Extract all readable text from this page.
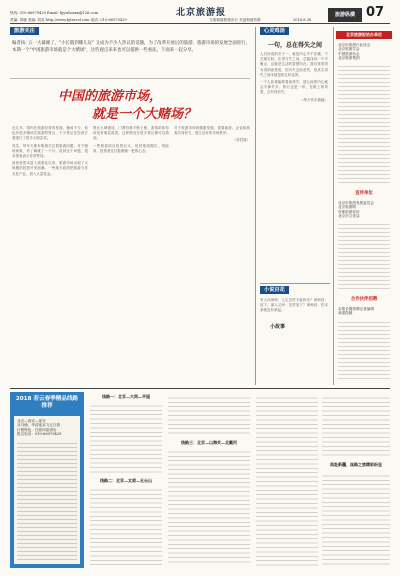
北京旅游报
文明和谐旅游出行 共创和谐首都
热线: 010-66979429 Email: bjywhozxx@126.com
责编: 刘晓 美编: 刘英 http://www.bjtravel.com 电话: 010-66979429	2018.8.28
旅游纵横 07
旅游关注
编者按: 五一大幕刚了，"小长假到哪儿玩" 又成为不少人热议的话题，为了改革开放后的旅游，旅游市场的发展全面进行，本期一个"中国旅游市场就是个大赌场"，这些观点来来也可以提供一些看法，下面来一起分享。
中国的旅游市场，
就是一个大赌场？

近几年，国内在旅游经营的发展，赌场不少，但也有很多赌场式旅游的特点，不少景区在经营方面进行了很多大胆尝试。

其实，每年天都有旅游关注着旅游问题。对于赌场现象，有了解就了一个月，说到这个问题，很多游客表示非常赞同。

而民营资本进入旅游业以来，旅游市场出现了大规模的投资开发浪潮。一些地方政府把旅游当作支柱产业，投入大量资金。

景区大肆建设，门票价格不断上涨，游客的体验却没有明显改善。这种情况在很多景区都可以看到。

一些旅游项目投资巨大，但回报周期长，风险高，投资者往往抱着赌一把的心态。

对于旅游市场的健康发展，需要政府、企业和游客共同努力，建立良好的市场秩序。

（刘君瑞）

心灵鸡汤
一句，总在得失之间

人们所说的安于一，就是内心中不浮躁，不左顾右盼。在得与失之间，总能找到一个平衡点，这就是生活的智慧所在。我们常常因为得到而喜悦，因为失去而悲伤，但其实得失之间本就是相互转化的。

一个人如果能够看淡得失，那么他的内心就会平静许多。旅行也是一样，在路上的风景，总有得有失。

（每天快乐摘编）

小说百花

有人问禅师：人生怎样才能快乐？禅师说：放下。那人又问：怎样放下？禅师说：你本来就没有拿起。

小故事
北京旅游报协办单位
北京市旅游行业协会
北京旅游学会
中国旅游协会
北京旅游集团
宣传单位
北京市旅游发展委员会
北京旅游网
首都旅游宣传
北京市文化局
合作伙伴招聘
本报长期招聘记者编辑
欢迎投稿
2018 若云春季精品线路推荐
北京—西安—延安
兵马俑、华清池双飞五日游
行程特色：住宿四星酒店
报名电话：010-66979429
线路一：北京—大同—平遥
线路二：北京—太原—五台山
线路三：北京—山海关—北戴河
再赴新疆，丝路之旅精彩纷呈
